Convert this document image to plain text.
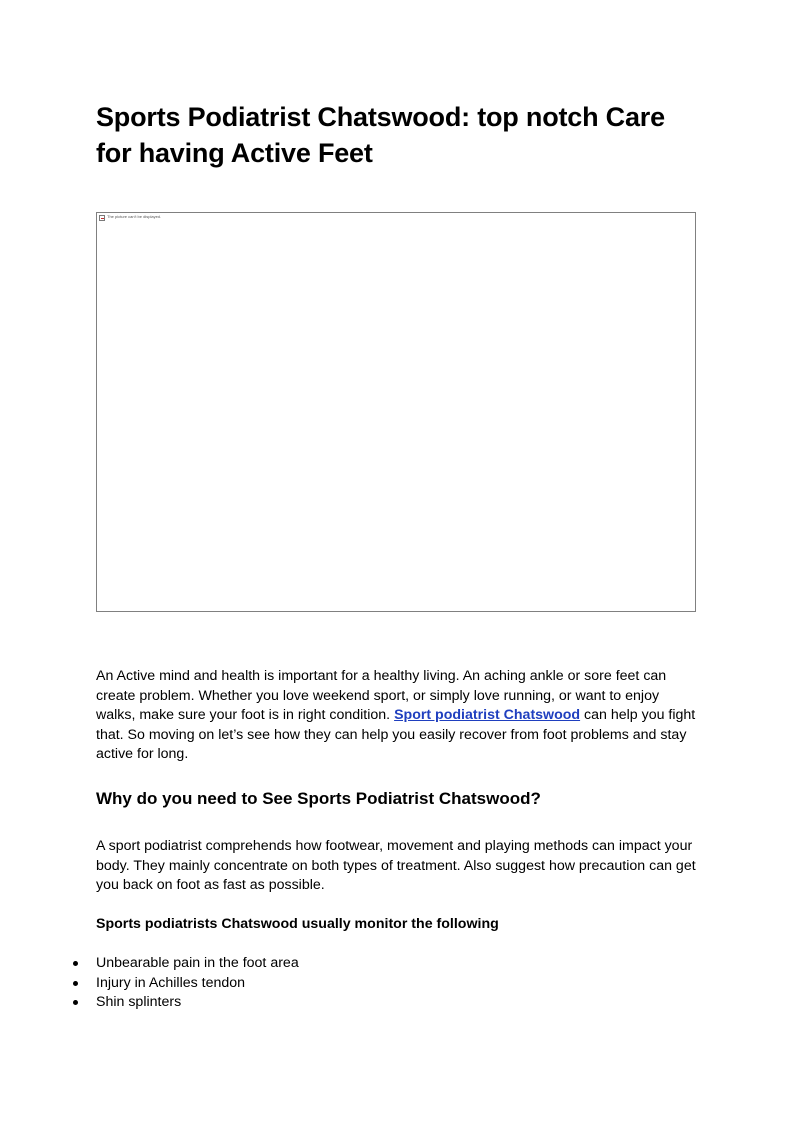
Sports Podiatrist Chatswood: top notch Care for having Active Feet
The picture can't be displayed.

An Active mind and health is important for a healthy living. An aching ankle or sore feet can create problem. Whether you love weekend sport, or simply love running, or want to enjoy walks, make sure your foot is in right condition. Sport podiatrist Chatswood can help you fight that. So moving on let’s see how they can help you easily recover from foot problems and stay active for long.

Why do you need to See Sports Podiatrist Chatswood?

A sport podiatrist comprehends how footwear, movement and playing methods can impact your body. They mainly concentrate on both types of treatment. Also suggest how precaution can get you back on foot as fast as possible.

Sports podiatrists Chatswood usually monitor the following
Unbearable pain in the foot area
Injury in Achilles tendon
Shin splinters
